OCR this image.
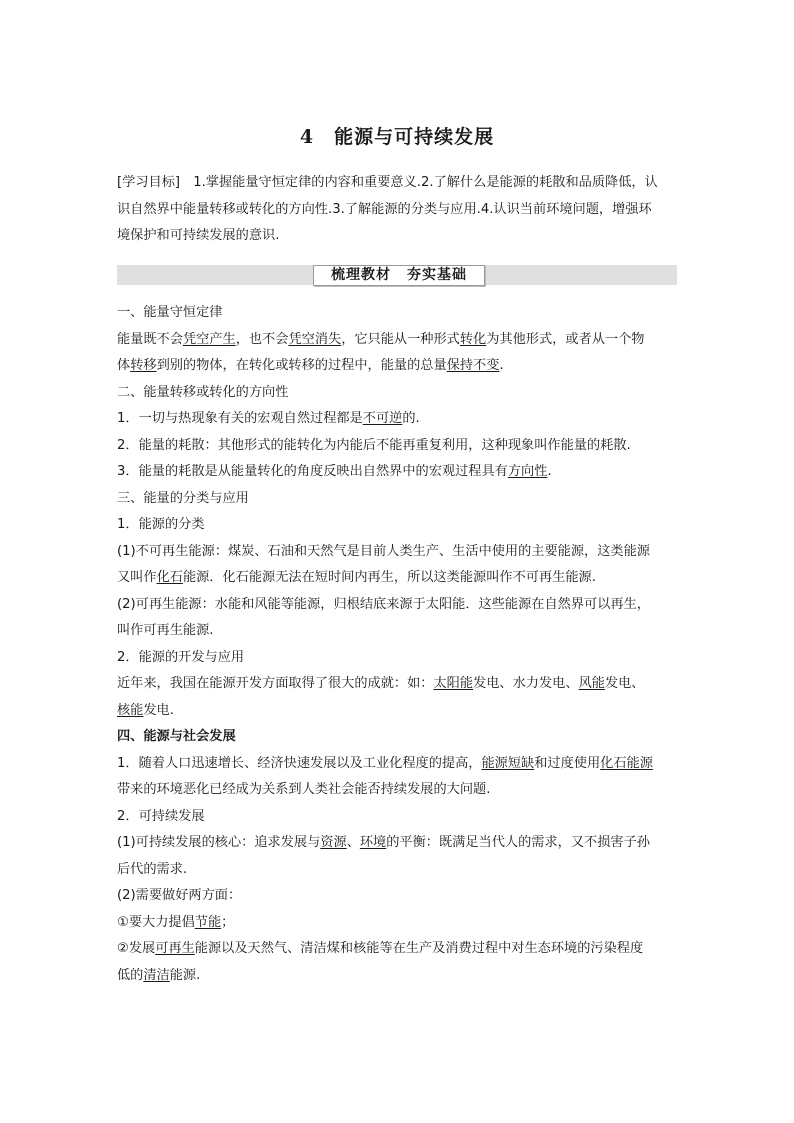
4 能源与可持续发展
[学习目标]　1.掌握能量守恒定律的内容和重要意义.2.了解什么是能源的耗散和品质降低，认
识自然界中能量转移或转化的方向性.3.了解能源的分类与应用.4.认识当前环境问题，增强环
境保护和可持续发展的意识.
梳理教材 夯实基础
一、能量守恒定律
能量既不会凭空产生，也不会凭空消失，它只能从一种形式转化为其他形式，或者从一个物
体转移到别的物体，在转化或转移的过程中，能量的总量保持不变.
二、能量转移或转化的方向性
1．一切与热现象有关的宏观自然过程都是不可逆的.
2．能量的耗散：其他形式的能转化为内能后不能再重复利用，这种现象叫作能量的耗散.
3．能量的耗散是从能量转化的角度反映出自然界中的宏观过程具有方向性.
三、能量的分类与应用
1．能源的分类
(1)不可再生能源：煤炭、石油和天然气是目前人类生产、生活中使用的主要能源，这类能源
又叫作化石能源．化石能源无法在短时间内再生，所以这类能源叫作不可再生能源.
(2)可再生能源：水能和风能等能源，归根结底来源于太阳能．这些能源在自然界可以再生，
叫作可再生能源.
2．能源的开发与应用
近年来，我国在能源开发方面取得了很大的成就：如：太阳能发电、水力发电、风能发电、
核能发电.
四、能源与社会发展
1．随着人口迅速增长、经济快速发展以及工业化程度的提高，能源短缺和过度使用化石能源
带来的环境恶化已经成为关系到人类社会能否持续发展的大问题.
2．可持续发展
(1)可持续发展的核心：追求发展与资源、环境的平衡：既满足当代人的需求，又不损害子孙
后代的需求.
(2)需要做好两方面：
①要大力提倡节能；
②发展可再生能源以及天然气、清洁煤和核能等在生产及消费过程中对生态环境的污染程度
低的清洁能源.
